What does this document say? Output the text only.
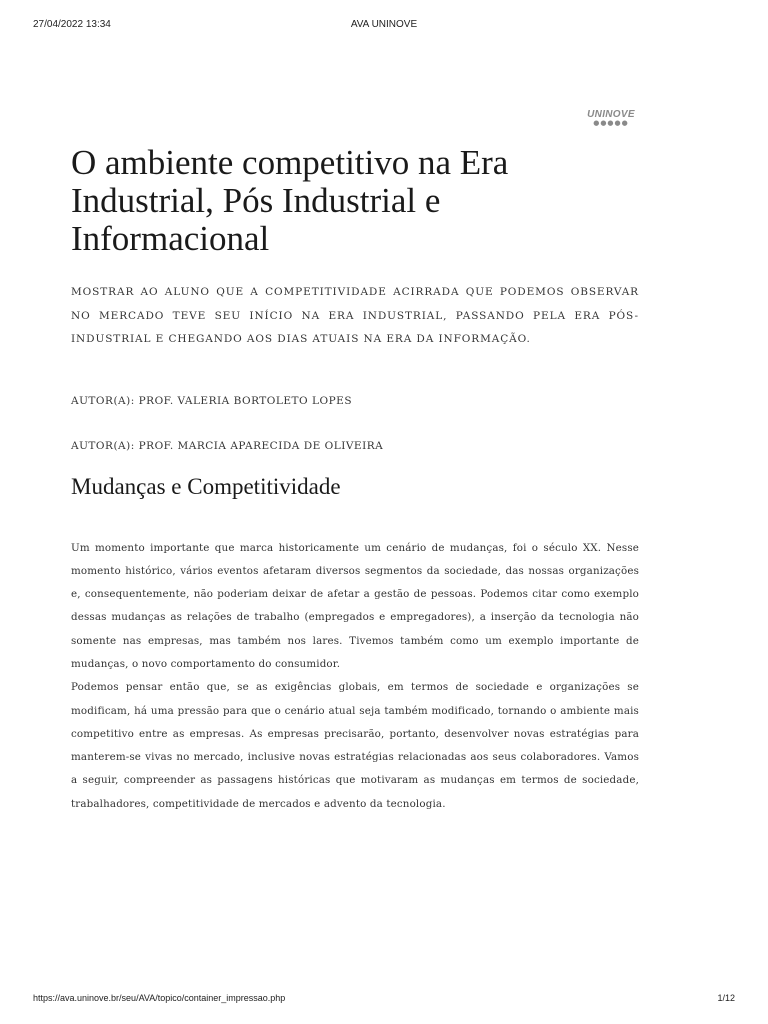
27/04/2022 13:34	AVA UNINOVE
UNINOVE
●●●●●
O ambiente competitivo na Era Industrial, Pós Industrial e Informacional
MOSTRAR AO ALUNO QUE A COMPETITIVIDADE ACIRRADA QUE PODEMOS OBSERVAR NO MERCADO TEVE SEU INÍCIO NA ERA INDUSTRIAL, PASSANDO PELA ERA PÓS-INDUSTRIAL E CHEGANDO AOS DIAS ATUAIS NA ERA DA INFORMAÇÃO.

AUTOR(A): PROF. VALERIA BORTOLETO LOPES

AUTOR(A): PROF. MARCIA APARECIDA DE OLIVEIRA

Mudanças e Competitividade

Um momento importante que marca historicamente um cenário de mudanças, foi o século XX. Nesse momento histórico, vários eventos afetaram diversos segmentos da sociedade, das nossas organizações e, consequentemente, não poderiam deixar de afetar a gestão de pessoas. Podemos citar como exemplo dessas mudanças as relações de trabalho (empregados e empregadores), a inserção da tecnologia não somente nas empresas, mas também nos lares. Tivemos também como um exemplo importante de mudanças, o novo comportamento do consumidor.

Podemos pensar então que, se as exigências globais, em termos de sociedade e organizações se modificam, há uma pressão para que o cenário atual seja também modificado, tornando o ambiente mais competitivo entre as empresas. As empresas precisarão, portanto, desenvolver novas estratégias para manterem-se vivas no mercado, inclusive novas estratégias relacionadas aos seus colaboradores. Vamos a seguir, compreender as passagens históricas que motivaram as mudanças em termos de sociedade, trabalhadores, competitividade de mercados e advento da tecnologia.

https://ava.uninove.br/seu/AVA/topico/container_impressao.php	1/12
